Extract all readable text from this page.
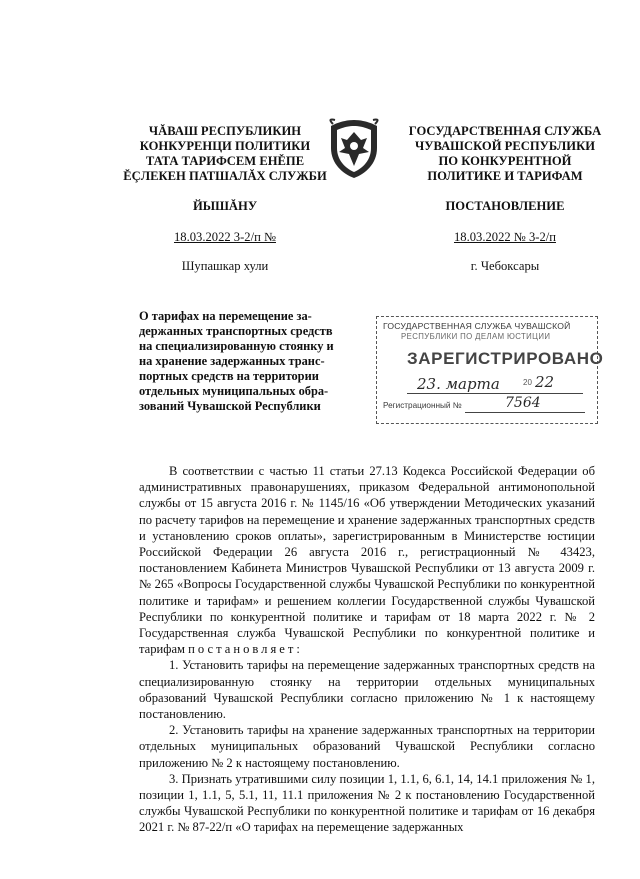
ЧĂВАШ РЕСПУБЛИКИН
КОНКУРЕНЦИ ПОЛИТИКИ
ТАТА ТАРИФСЕМ ЕНĚПЕ
ĔÇЛЕКЕН ПАТШАЛĂХ СЛУЖБИ
ГОСУДАРСТВЕННАЯ СЛУЖБА
ЧУВАШСКОЙ РЕСПУБЛИКИ
ПО КОНКУРЕНТНОЙ
ПОЛИТИКЕ И ТАРИФАМ
ЙЫШĂНУ	ПОСТАНОВЛЕНИЕ
18.03.2022 3-2/п №	18.03.2022 № 3-2/п
Шупашкар хули	г. Чебоксары
О тарифах на перемещение за-
держанных транспортных средств
на специализированную стоянку и
на хранение задержанных транс-
портных средств на территории
отдельных муниципальных обра-
зований Чувашской Республики
ГОСУДАРСТВЕННАЯ СЛУЖБА ЧУВАШСКОЙ
РЕСПУБЛИКИ ПО ДЕЛАМ ЮСТИЦИИ
ЗАРЕГИСТРИРОВАНО
23. марта	20 22
Регистрационный №	7564

В соответствии с частью 11 статьи 27.13 Кодекса Российской Федерации об административных правонарушениях, приказом Федеральной антимонопольной службы от 15 августа 2016 г. № 1145/16 «Об утверждении Методических указаний по расчету тарифов на перемещение и хранение задержанных транспортных средств и установлению сроков оплаты», зарегистрированным в Министерстве юстиции Российской Федерации 26 августа 2016 г., регистрационный № 43423, постановлением Кабинета Министров Чувашской Республики от 13 августа 2009 г. № 265 «Вопросы Государственной службы Чувашской Республики по конкурентной политике и тарифам» и решением коллегии Государственной службы Чувашской Республики по конкурентной политике и тарифам от 18 марта 2022 г. № 2 Государственная служба Чувашской Республики по конкурентной политике и тарифам постановляет:

1. Установить тарифы на перемещение задержанных транспортных средств на специализированную стоянку на территории отдельных муниципальных образований Чувашской Республики согласно приложению № 1 к настоящему постановлению.

2. Установить тарифы на хранение задержанных транспортных на территории отдельных муниципальных образований Чувашской Республики согласно приложению № 2 к настоящему постановлению.

3. Признать утратившими силу позиции 1, 1.1, 6, 6.1, 14, 14.1 приложения № 1, позиции 1, 1.1, 5, 5.1, 11, 11.1 приложения № 2 к постановлению Государственной службы Чувашской Республики по конкурентной политике и тарифам от 16 декабря 2021 г. № 87-22/п «О тарифах на перемещение задержанных
